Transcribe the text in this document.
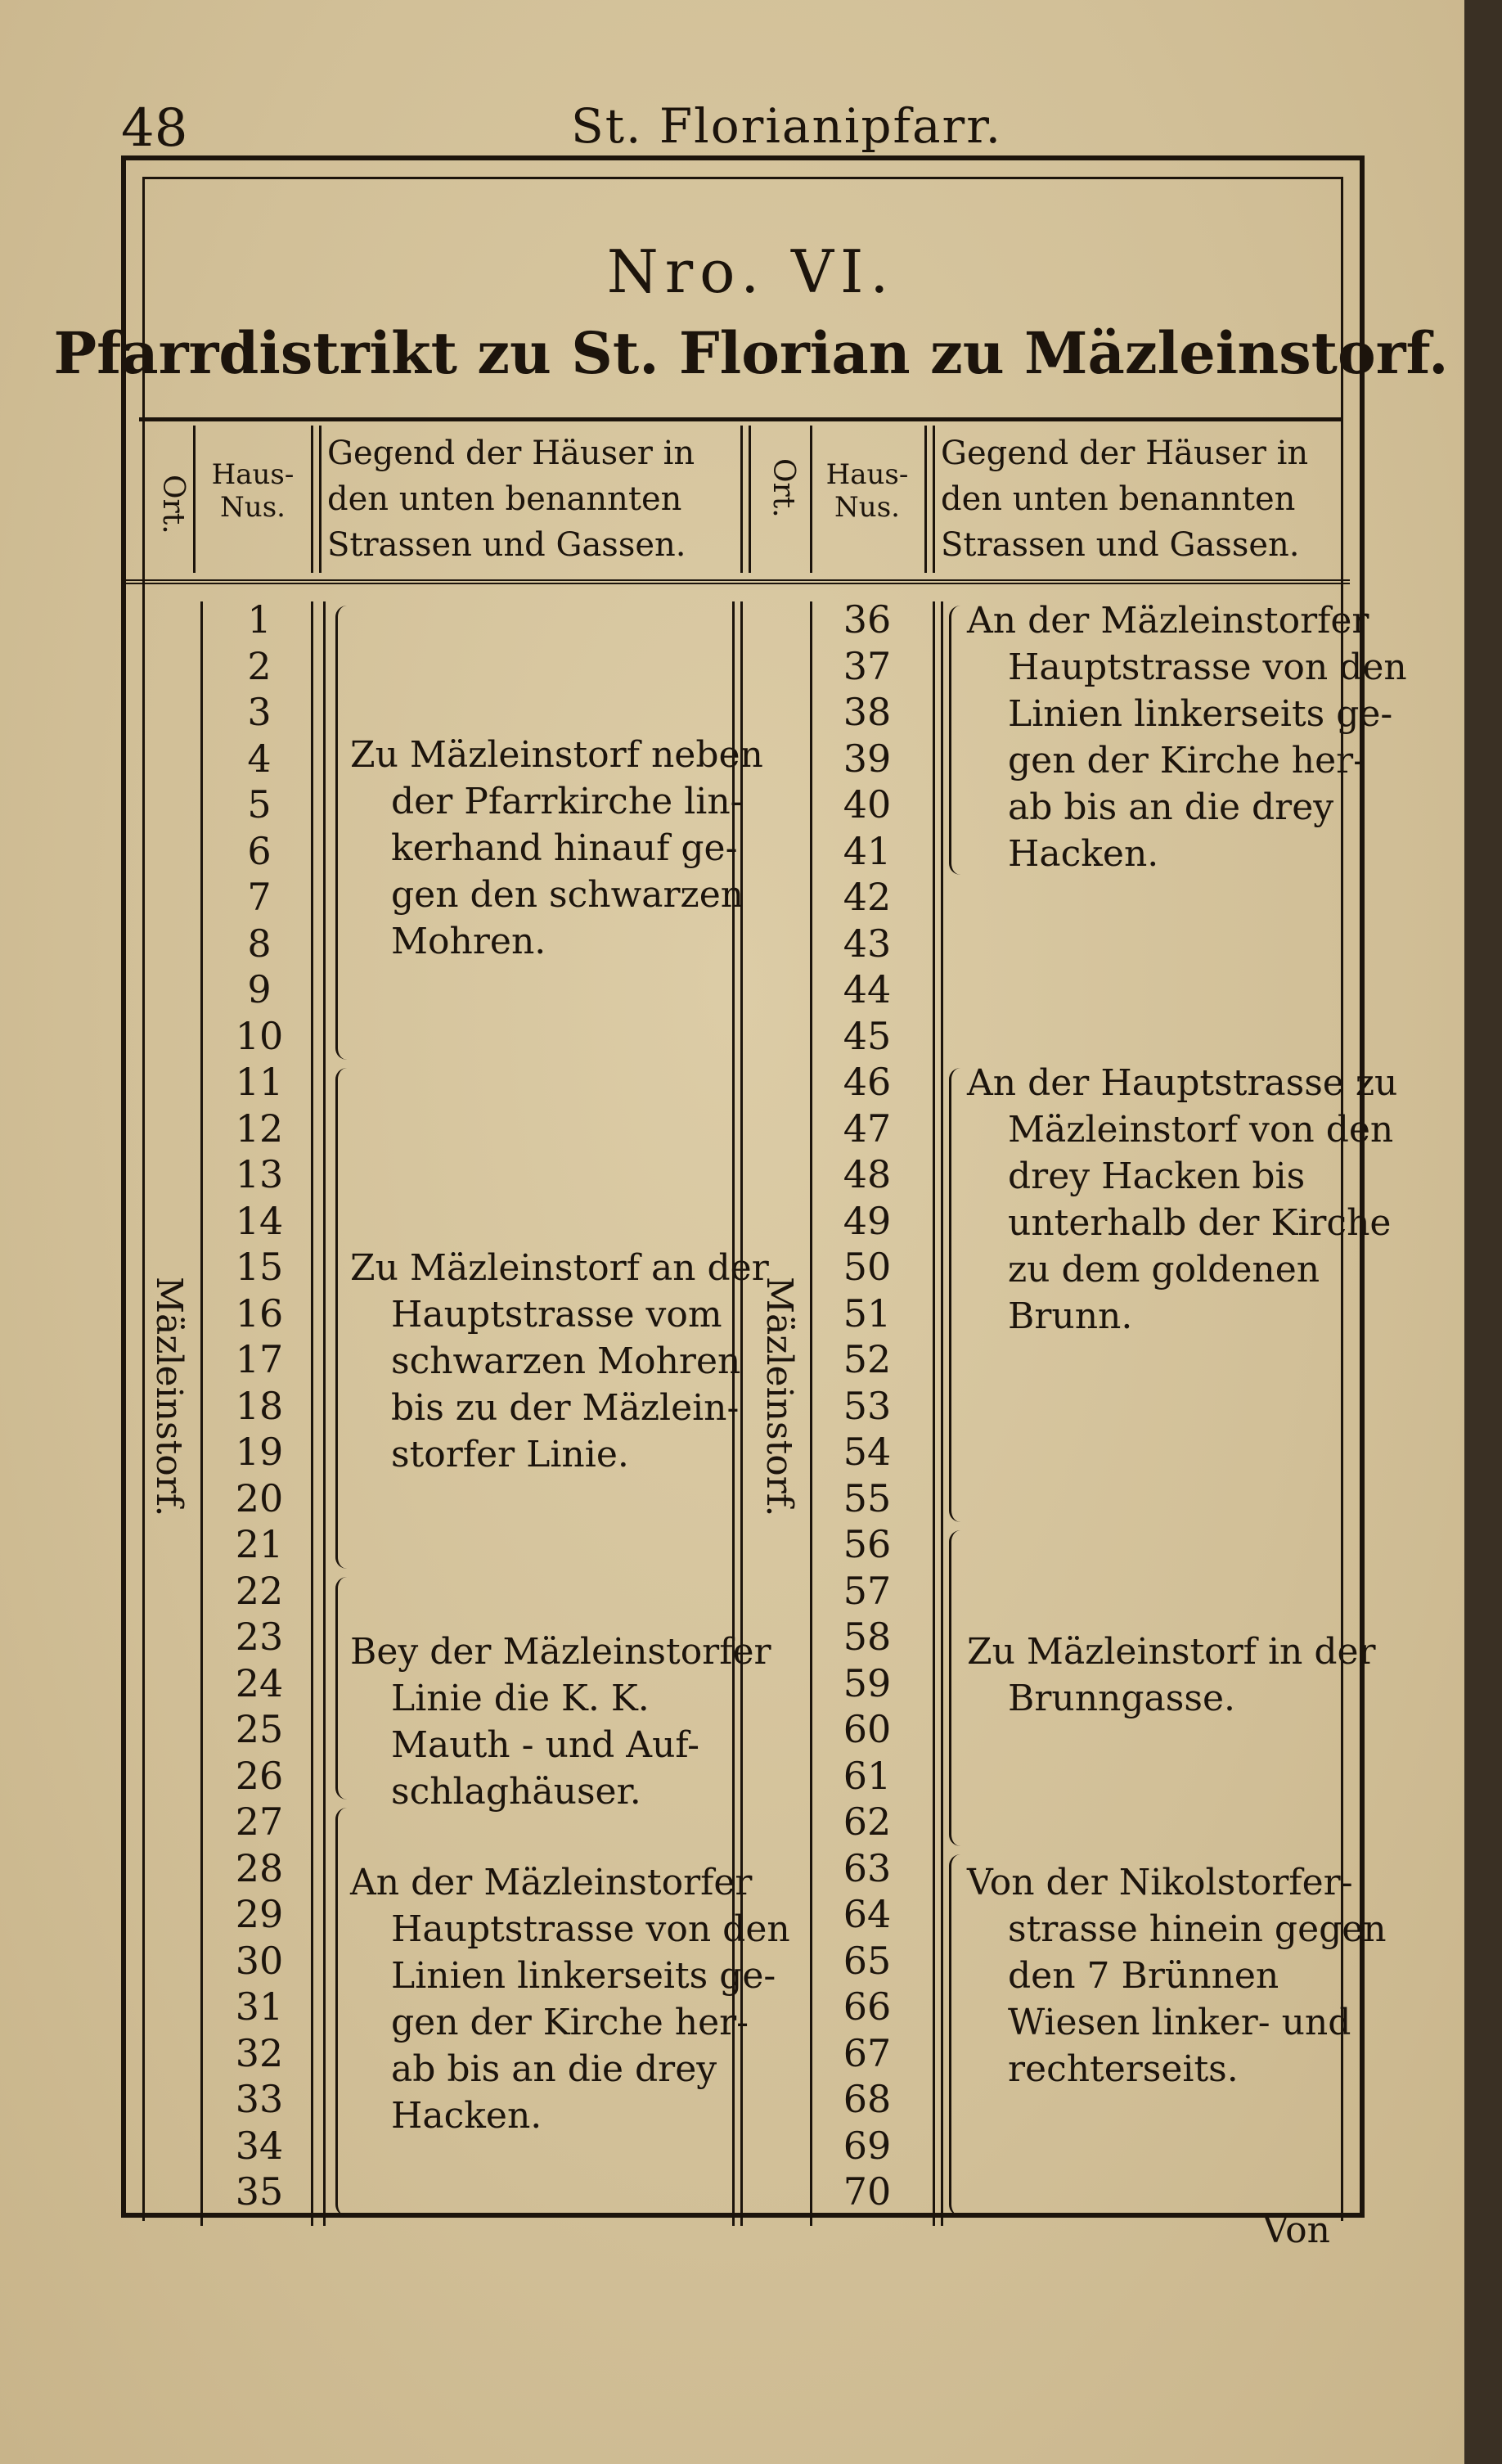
48	St. Florianipfarr.
Nro. VI.
Pfarrdistrikt zu St. Florian zu Mäzleinstorf.
Ort. Haus-Nus.
Gegend der Häuser in
den unten benannten
Strassen und Gassen.
Ort. Haus-Nus.
Gegend der Häuser in
den unten benannten
Strassen und Gassen.
Mäzleinstorf.	Mäzleinstorf.
1
2
3
4
5
6
7
8
9
10
11
12
13
14
15
16
17
18
19
20
21
22
23
24
25
26
27
28
29
30
31
32
33
34
35
36
37
38
39
40
41
42
43
44
45
46
47
48
49
50
51
52
53
54
55
56
57
58
59
60
61
62
63
64
65
66
67
68
69
70
Zu Mäzleinstorf neben
der Pfarrkirche lin-
kerhand hinauf ge-
gen den schwarzen
Mohren.
Zu Mäzleinstorf an der
Hauptstrasse vom
schwarzen Mohren
bis zu der Mäzlein-
storfer Linie.
Bey der Mäzleinstorfer
Linie die K. K.
Mauth - und Auf-
schlaghäuser.
An der Mäzleinstorfer
Hauptstrasse von den
Linien linkerseits ge-
gen der Kirche her-
ab bis an die drey
Hacken.
An der Mäzleinstorfer
Hauptstrasse von den
Linien linkerseits ge-
gen der Kirche her-
ab bis an die drey
Hacken.
An der Hauptstrasse zu
Mäzleinstorf von den
drey Hacken bis
unterhalb der Kirche
zu dem goldenen
Brunn.
Zu Mäzleinstorf in der
Brunngasse.
Von der Nikolstorfer-
strasse hinein gegen
den 7 Brünnen
Wiesen linker- und
rechterseits.
Von
